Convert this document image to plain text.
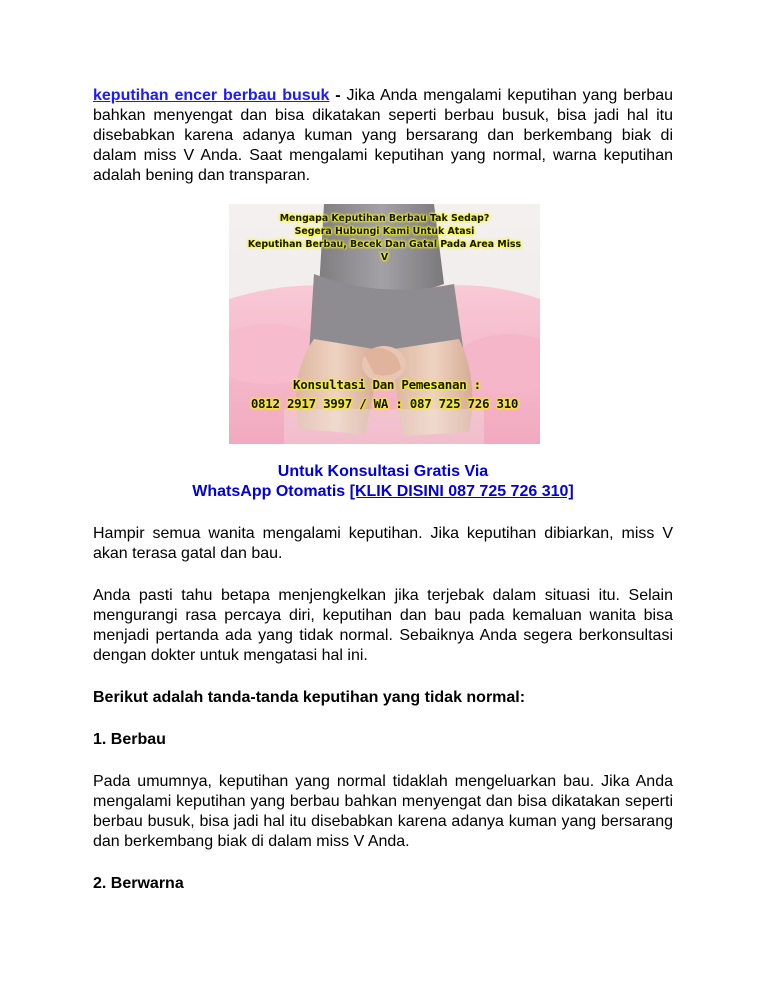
keputihan encer berbau busuk - Jika Anda mengalami keputihan yang berbau bahkan menyengat dan bisa dikatakan seperti berbau busuk, bisa jadi hal itu disebabkan karena adanya kuman yang bersarang dan berkembang biak di dalam miss V Anda. Saat mengalami keputihan yang normal, warna keputihan adalah bening dan transparan.

Mengapa Keputihan Berbau Tak Sedap?
Segera Hubungi Kami Untuk Atasi
Keputihan Berbau, Becek Dan Gatal Pada Area Miss
V
Konsultasi Dan Pemesanan :
0812 2917 3997 / WA : 087 725 726 310
Untuk Konsultasi Gratis Via
WhatsApp Otomatis [KLIK DISINI 087 725 726 310]

Hampir semua wanita mengalami keputihan. Jika keputihan dibiarkan, miss V akan terasa gatal dan bau.

Anda pasti tahu betapa menjengkelkan jika terjebak dalam situasi itu. Selain mengurangi rasa percaya diri, keputihan dan bau pada kemaluan wanita bisa menjadi pertanda ada yang tidak normal. Sebaiknya Anda segera berkonsultasi dengan dokter untuk mengatasi hal ini.

Berikut adalah tanda-tanda keputihan yang tidak normal:

1. Berbau

Pada umumnya, keputihan yang normal tidaklah mengeluarkan bau. Jika Anda mengalami keputihan yang berbau bahkan menyengat dan bisa dikatakan seperti berbau busuk, bisa jadi hal itu disebabkan karena adanya kuman yang bersarang dan berkembang biak di dalam miss V Anda.

2. Berwarna
